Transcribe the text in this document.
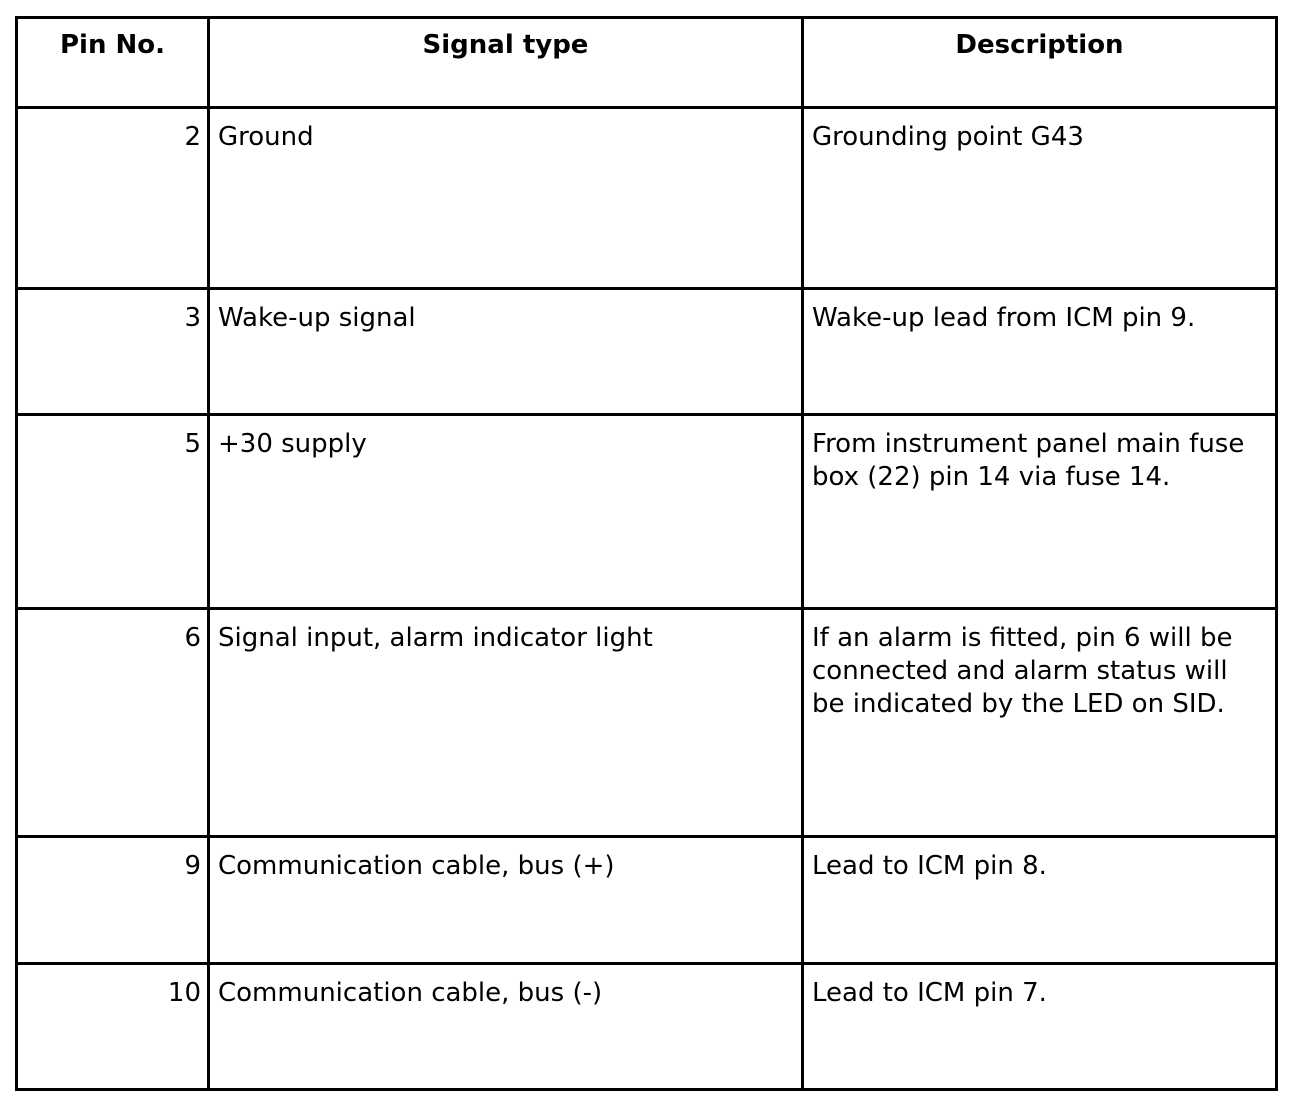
Pin No.	Signal type	Description
2	Ground	Grounding point G43
3	Wake-up signal	Wake-up lead from ICM pin 9.
5	+30 supply	From instrument panel main fuse box (22) pin 14 via fuse 14.
6	Signal input, alarm indicator light	If an alarm is fitted, pin 6 will be connected and alarm status will be indicated by the LED on SID.
9	Communication cable, bus (+)	Lead to ICM pin 8.
10	Communication cable, bus (-)	Lead to ICM pin 7.
